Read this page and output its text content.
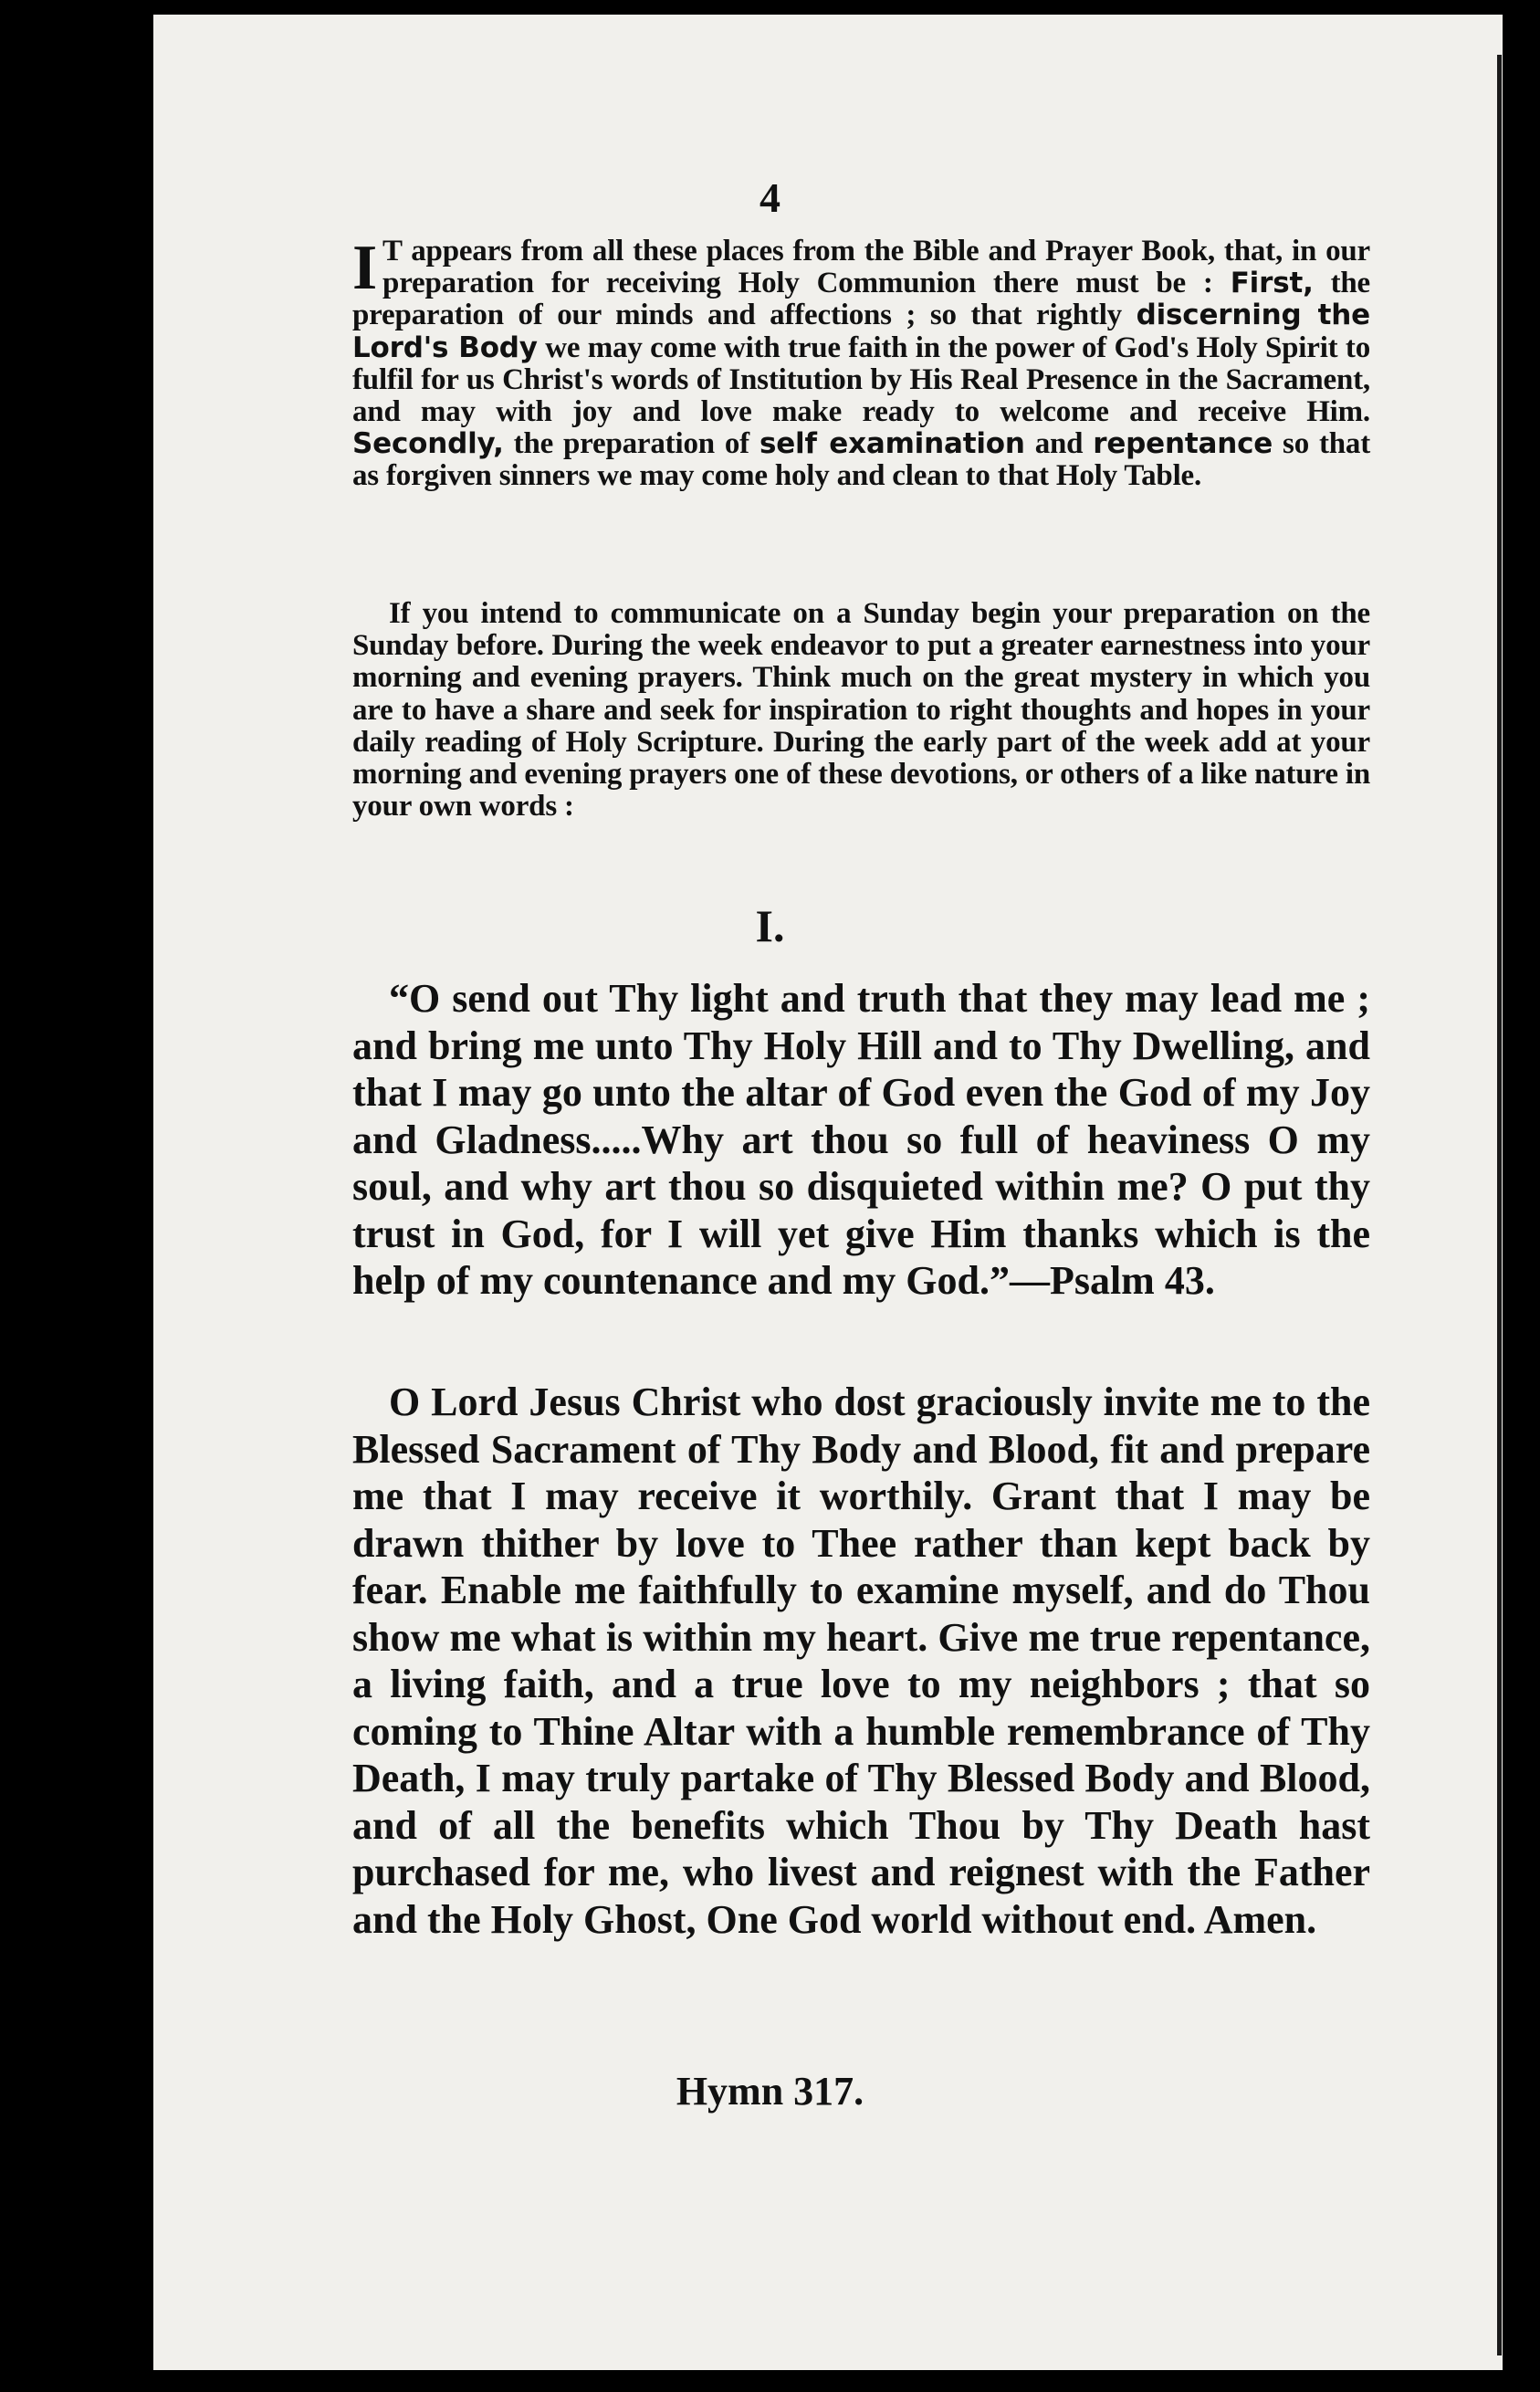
4

I T appears from all these places from the Bible and Prayer Book, that, in our preparation for receiving Holy Communion there must be : First, the preparation of our minds and affections ; so that rightly discerning the Lord's Body we may come with true faith in the power of God's Holy Spirit to fulfil for us Christ's words of Institution by His Real Presence in the Sacrament, and may with joy and love make ready to welcome and receive Him. Secondly, the preparation of self examination and repentance so that as forgiven sinners we may come holy and clean to that Holy Table.

If you intend to communicate on a Sunday begin your preparation on the Sunday before. During the week endeavor to put a greater earnestness into your morning and evening prayers. Think much on the great mystery in which you are to have a share and seek for inspiration to right thoughts and hopes in your daily reading of Holy Scripture. During the early part of the week add at your morning and evening prayers one of these devotions, or others of a like nature in your own words :

I.

“O send out Thy light and truth that they may lead me ; and bring me unto Thy Holy Hill and to Thy Dwelling, and that I may go unto the altar of God even the God of my Joy and Gladness.....Why art thou so full of heaviness O my soul, and why art thou so disquieted within me? O put thy trust in God, for I will yet give Him thanks which is the help of my countenance and my God.”—Psalm 43.

O Lord Jesus Christ who dost graciously invite me to the Blessed Sacrament of Thy Body and Blood, fit and prepare me that I may receive it worthily. Grant that I may be drawn thither by love to Thee rather than kept back by fear. Enable me faithfully to examine myself, and do Thou show me what is within my heart. Give me true repentance, a living faith, and a true love to my neighbors ; that so coming to Thine Altar with a humble remembrance of Thy Death, I may truly partake of Thy Blessed Body and Blood, and of all the benefits which Thou by Thy Death hast purchased for me, who livest and reignest with the Father and the Holy Ghost, One God world without end. Amen.

Hymn 317.
